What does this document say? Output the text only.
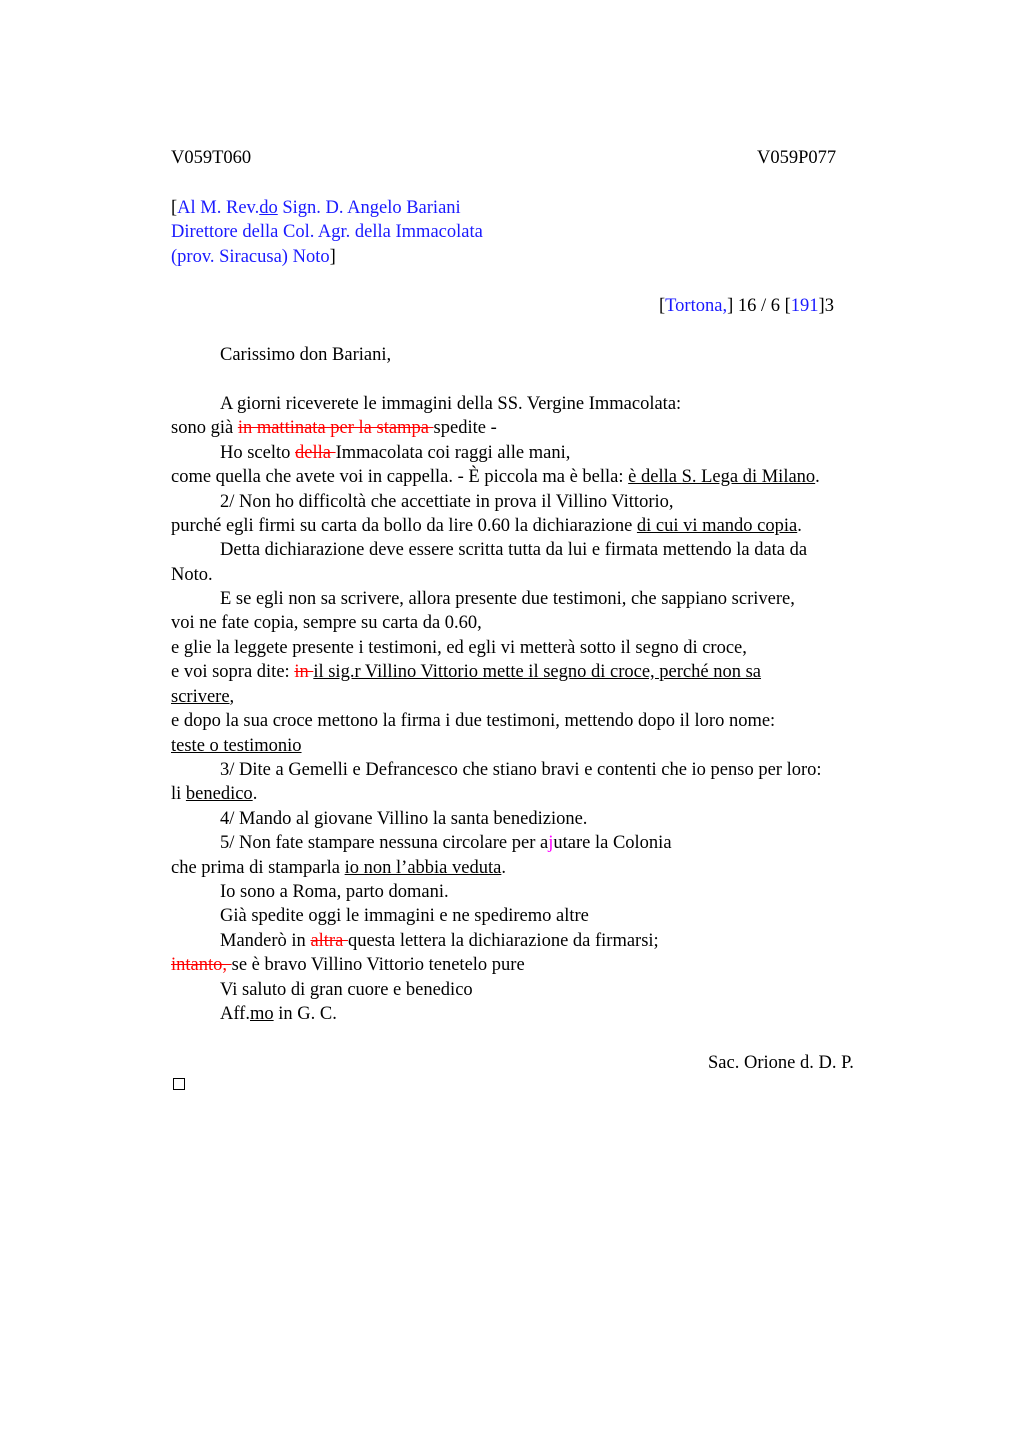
V059T060	V059P077
[Al M. Rev.do Sign. D. Angelo Bariani
Direttore della Col. Agr. della Immacolata
(prov. Siracusa) Noto]
[Tortona,] 16 / 6 [191]3
Carissimo don Bariani,
A giorni riceverete le immagini della SS. Vergine Immacolata:
sono già in mattinata per la stampa spedite -
Ho scelto della Immacolata coi raggi alle mani,
come quella che avete voi in cappella. - È piccola ma è bella: è della S. Lega di Milano.
2/ Non ho difficoltà che accettiate in prova il Villino Vittorio,
purché egli firmi su carta da bollo da lire 0.60 la dichiarazione di cui vi mando copia.
Detta dichiarazione deve essere scritta tutta da lui e firmata mettendo la data da
Noto.
E se egli non sa scrivere, allora presente due testimoni, che sappiano scrivere,
voi ne fate copia, sempre su carta da 0.60,
e glie la leggete presente i testimoni, ed egli vi metterà sotto il segno di croce,
e voi sopra dite: in il sig.r Villino Vittorio mette il segno di croce, perché non sa
scrivere,
e dopo la sua croce mettono la firma i due testimoni, mettendo dopo il loro nome:
teste o testimonio
3/ Dite a Gemelli e Defrancesco che stiano bravi e contenti che io penso per loro:
li benedico.
4/ Mando al giovane Villino la santa benedizione.
5/ Non fate stampare nessuna circolare per ajutare la Colonia
che prima di stamparla io non l’abbia veduta.
Io sono a Roma, parto domani.
Già spedite oggi le immagini e ne spediremo altre
Manderò in altra questa lettera la dichiarazione da firmarsi;
intanto, se è bravo Villino Vittorio tenetelo pure
Vi saluto di gran cuore e benedico
Aff.mo in G. C.
Sac. Orione d. D. P.
